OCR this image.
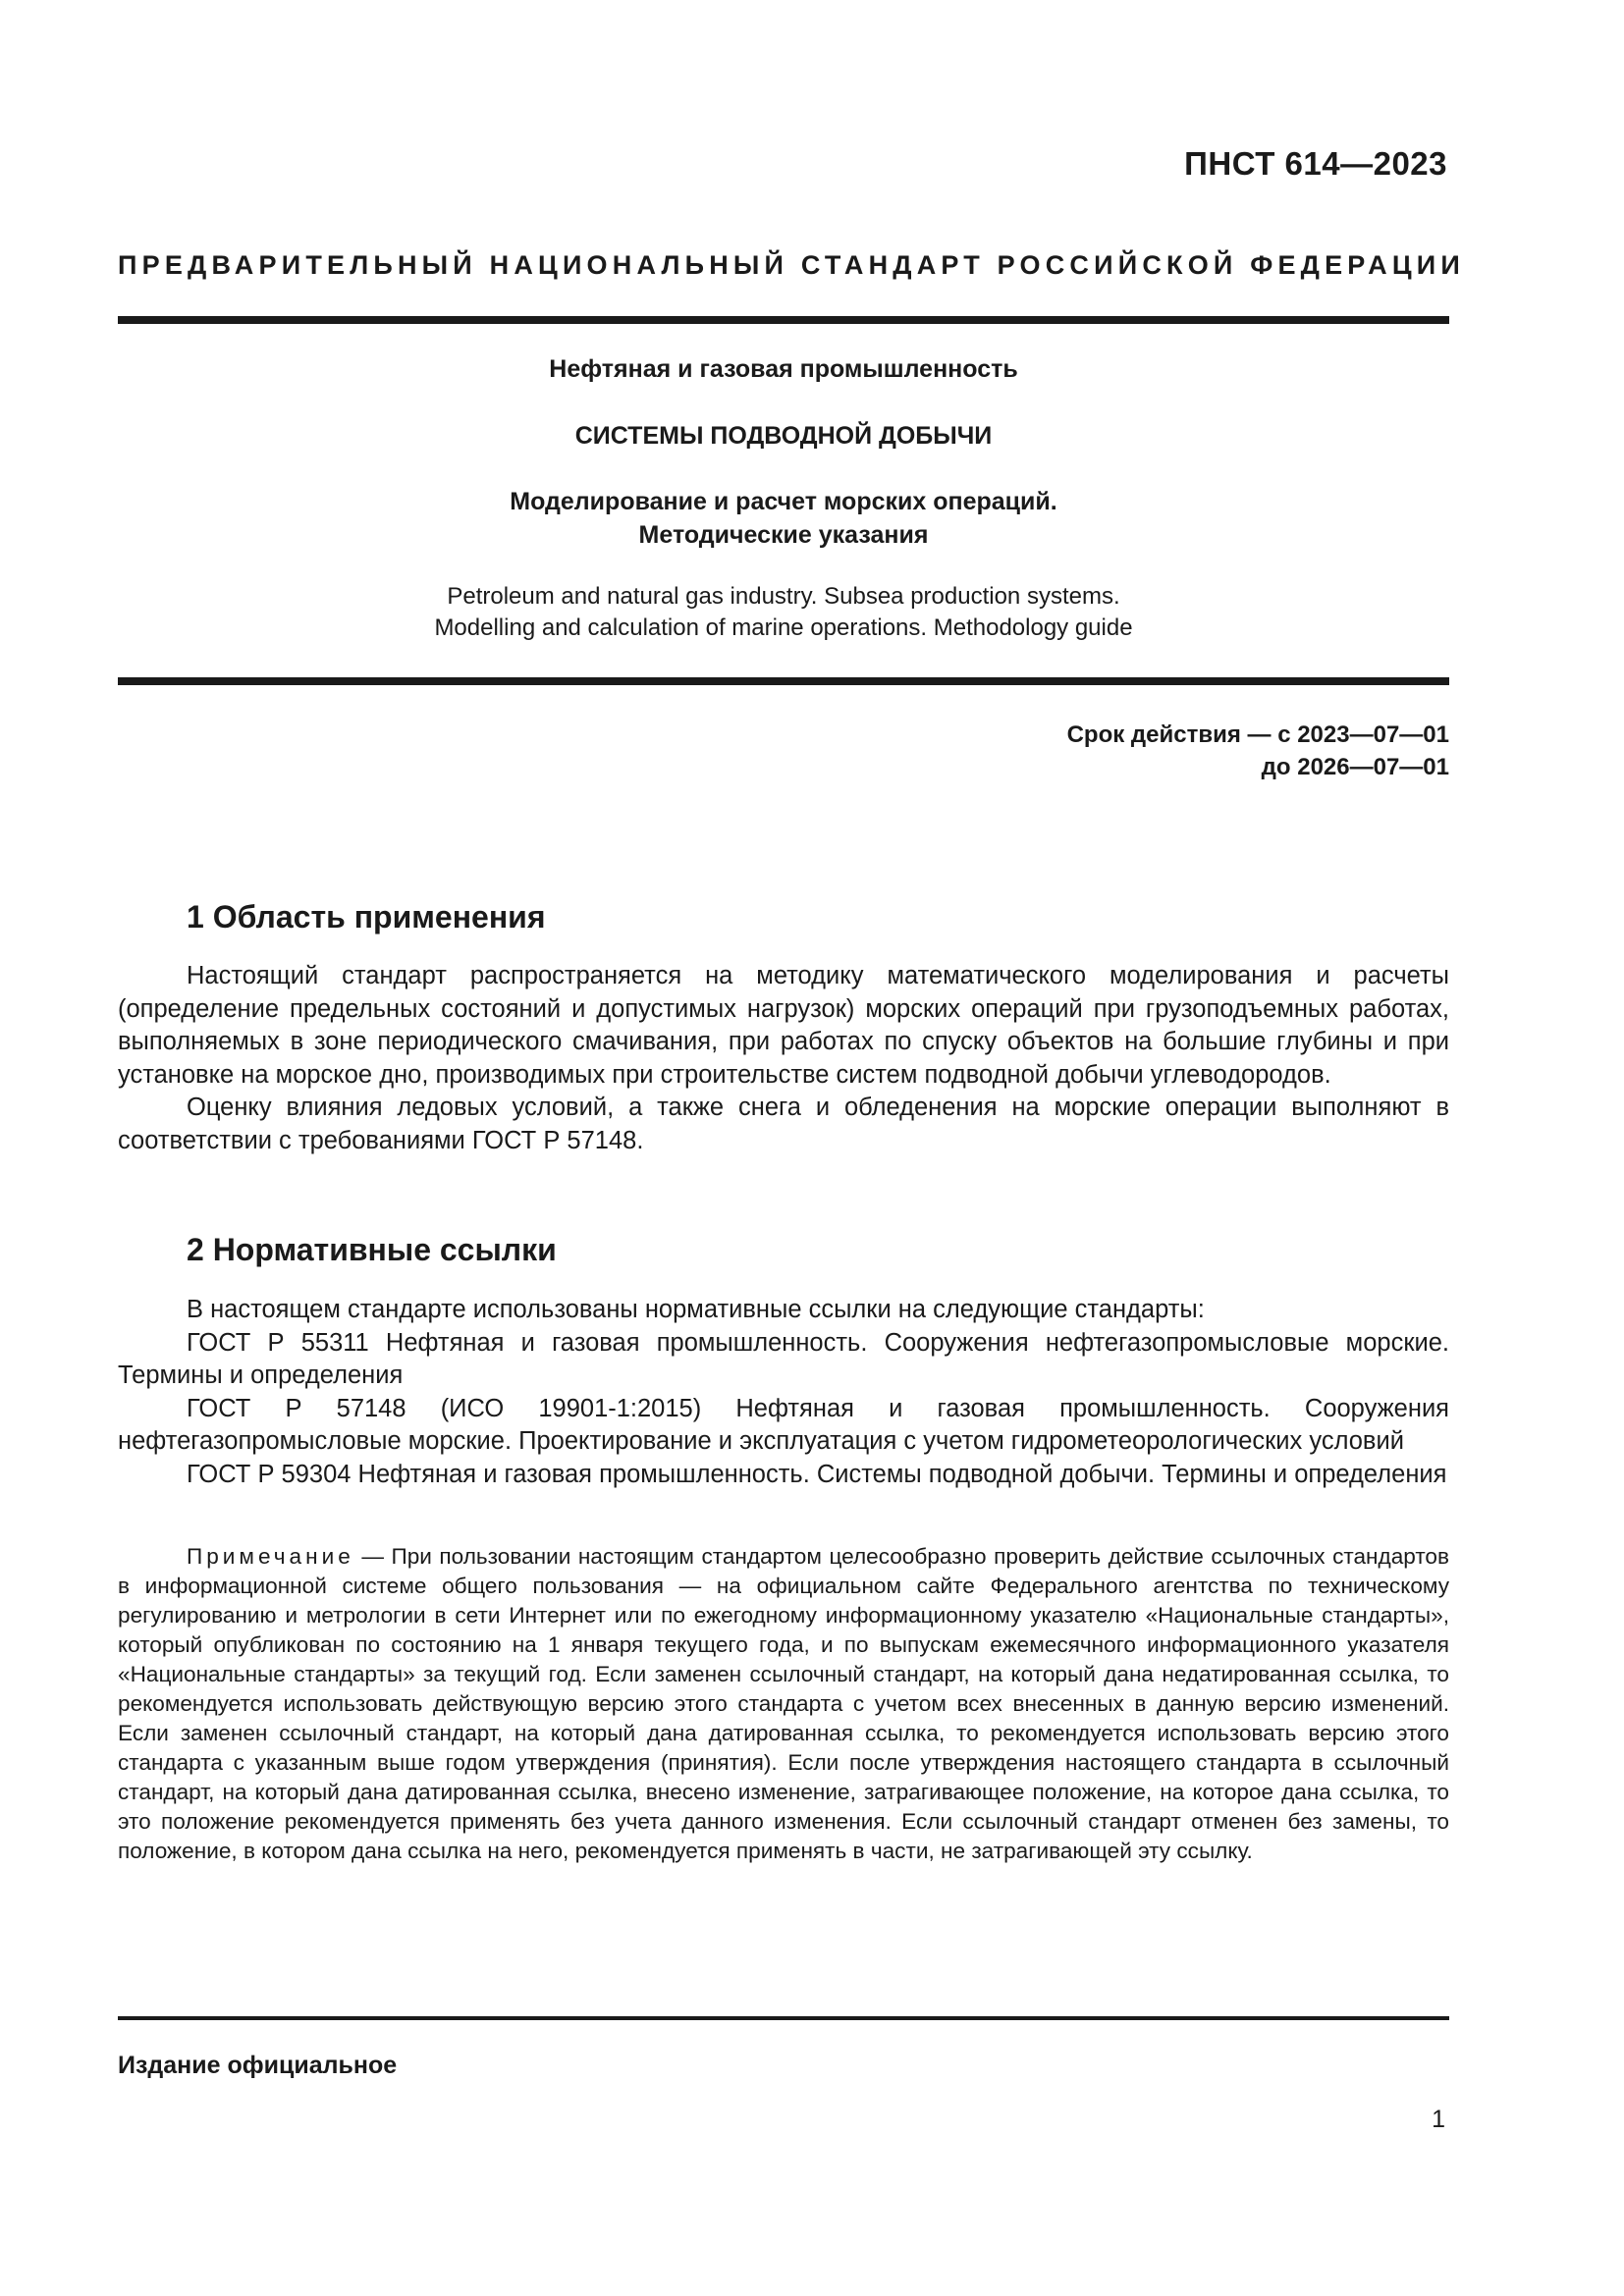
ПНСТ 614—2023
ПРЕДВАРИТЕЛЬНЫЙ НАЦИОНАЛЬНЫЙ СТАНДАРТ РОССИЙСКОЙ ФЕДЕРАЦИИ
Нефтяная и газовая промышленность
СИСТЕМЫ ПОДВОДНОЙ ДОБЫЧИ
Моделирование и расчет морских операций.
Методические указания
Petroleum and natural gas industry. Subsea production systems.
Modelling and calculation of marine operations. Methodology guide
Срок действия — с 2023—07—01
до 2026—07—01
1 Область применения

Настоящий стандарт распространяется на методику математического моделирования и расчеты (определение предельных состояний и допустимых нагрузок) морских операций при грузоподъемных работах, выполняемых в зоне периодического смачивания, при работах по спуску объектов на большие глубины и при установке на морское дно, производимых при строительстве систем подводной добычи углеводородов.

Оценку влияния ледовых условий, а также снега и обледенения на морские операции выполняют в соответствии с требованиями ГОСТ Р 57148.

2 Нормативные ссылки

В настоящем стандарте использованы нормативные ссылки на следующие стандарты:

ГОСТ Р 55311 Нефтяная и газовая промышленность. Сооружения нефтегазопромысловые морские. Термины и определения

ГОСТ Р 57148 (ИСО 19901-1:2015) Нефтяная и газовая промышленность. Сооружения нефтегазопромысловые морские. Проектирование и эксплуатация с учетом гидрометеорологических условий

ГОСТ Р 59304 Нефтяная и газовая промышленность. Системы подводной добычи. Термины и определения

Примечание — При пользовании настоящим стандартом целесообразно проверить действие ссылочных стандартов в информационной системе общего пользования — на официальном сайте Федерального агентства по техническому регулированию и метрологии в сети Интернет или по ежегодному информационному указателю «Национальные стандарты», который опубликован по состоянию на 1 января текущего года, и по выпускам ежемесячного информационного указателя «Национальные стандарты» за текущий год. Если заменен ссылочный стандарт, на который дана недатированная ссылка, то рекомендуется использовать действующую версию этого стандарта с учетом всех внесенных в данную версию изменений. Если заменен ссылочный стандарт, на который дана датированная ссылка, то рекомендуется использовать версию этого стандарта с указанным выше годом утверждения (принятия). Если после утверждения настоящего стандарта в ссылочный стандарт, на который дана датированная ссылка, внесено изменение, затрагивающее положение, на которое дана ссылка, то это положение рекомендуется применять без учета данного изменения. Если ссылочный стандарт отменен без замены, то положение, в котором дана ссылка на него, рекомендуется применять в части, не затрагивающей эту ссылку.

Издание официальное
1
